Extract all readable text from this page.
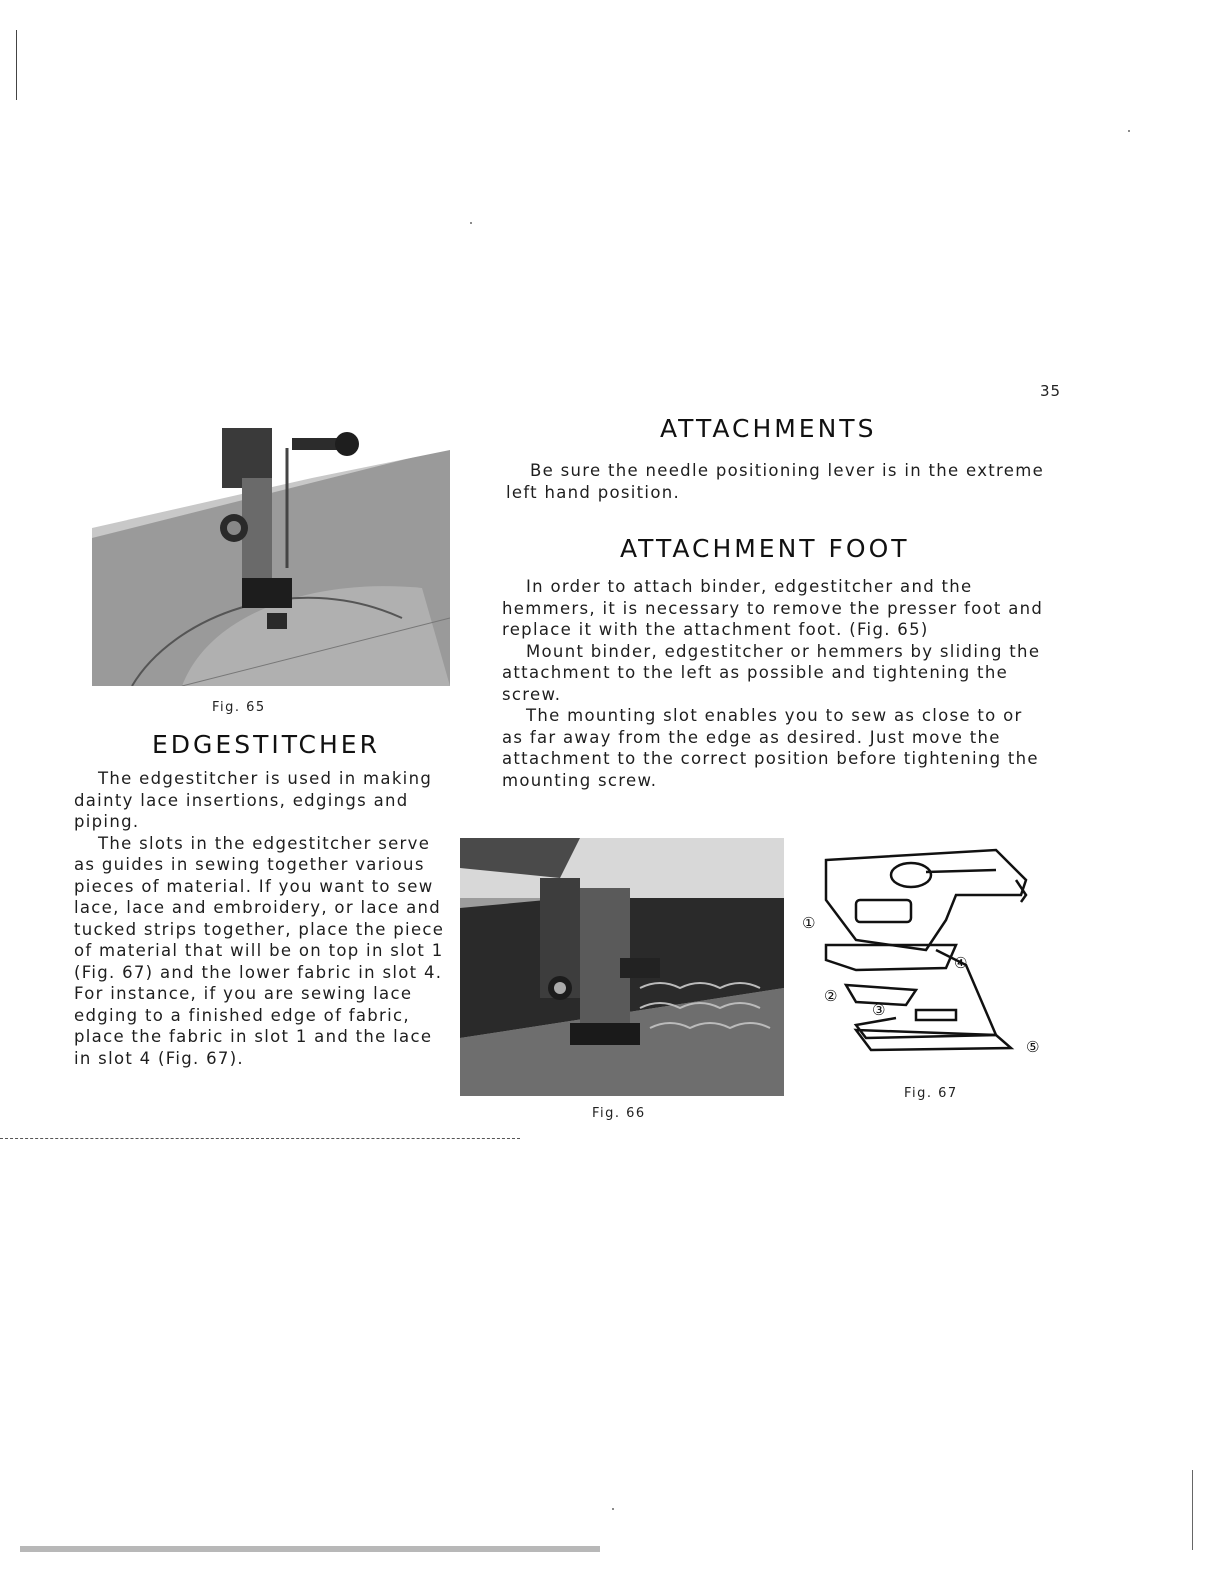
35
Fig. 65
EDGESTITCHER

The edgestitcher is used in making dainty lace insertions, edgings and piping.

The slots in the edgestitcher serve as guides in sewing together various pieces of material. If you want to sew lace, lace and embroidery, or lace and tucked strips together, place the piece of material that will be on top in slot 1 (Fig. 67) and the lower fabric in slot 4. For instance, if you are sewing lace edging to a finished edge of fabric, place the fabric in slot 1 and the lace in slot 4 (Fig. 67).

ATTACHMENTS

Be sure the needle positioning lever is in the extreme left hand position.

ATTACHMENT FOOT

In order to attach binder, edgestitcher and the hemmers, it is necessary to remove the presser foot and replace it with the attachment foot. (Fig. 65)

Mount binder, edgestitcher or hemmers by sliding the attachment to the left as possible and tightening the screw.

The mounting slot enables you to sew as close to or as far away from the edge as desired. Just move the attachment to the correct position before tightening the mounting screw.

Fig. 66
①
②
③
④
⑤
Fig. 67
